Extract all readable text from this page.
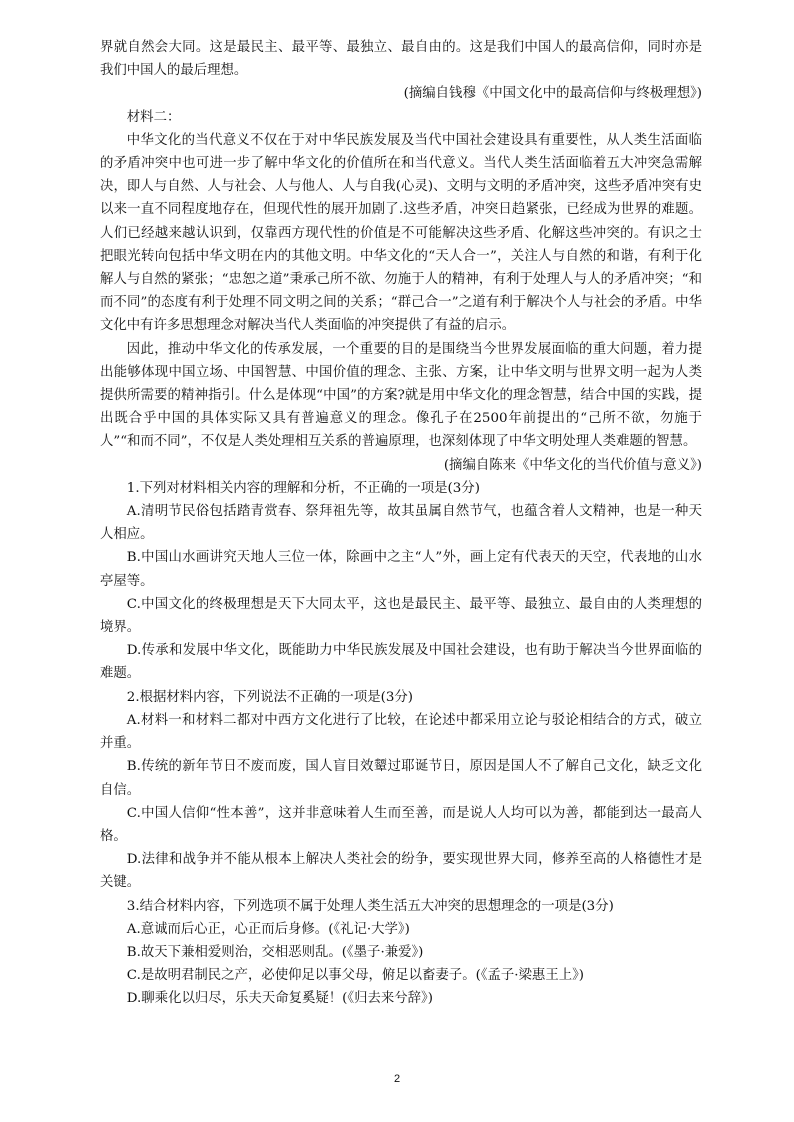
界就自然会大同。这是最民主、最平等、最独立、最自由的。这是我们中国人的最高信仰，同时亦是我们中国人的最后理想。

(摘编自钱穆《中国文化中的最高信仰与终极理想》)

材料二：

中华文化的当代意义不仅在于对中华民族发展及当代中国社会建设具有重要性，从人类生活面临的矛盾冲突中也可进一步了解中华文化的价值所在和当代意义。当代人类生活面临着五大冲突急需解决，即人与自然、人与社会、人与他人、人与自我(心灵)、文明与文明的矛盾冲突，这些矛盾冲突有史以来一直不同程度地存在，但现代性的展开加剧了.这些矛盾，冲突日趋紧张，已经成为世界的难题。人们已经越来越认识到，仅靠西方现代性的价值是不可能解决这些矛盾、化解这些冲突的。有识之士把眼光转向包括中华文明在内的其他文明。中华文化的“天人合一”，关注人与自然的和谐，有利于化解人与自然的紧张；“忠恕之道”秉承己所不欲、勿施于人的精神，有利于处理人与人的矛盾冲突；“和而不同”的态度有利于处理不同文明之间的关系；“群己合一”之道有利于解决个人与社会的矛盾。中华文化中有许多思想理念对解决当代人类面临的冲突提供了有益的启示。

因此，推动中华文化的传承发展，一个重要的目的是围绕当今世界发展面临的重大问题，着力提出能够体现中国立场、中国智慧、中国价值的理念、主张、方案，让中华文明与世界文明一起为人类提供所需要的精神指引。什么是体现“中国”的方案?就是用中华文化的理念智慧，结合中国的实践，提出既合乎中国的具体实际又具有普遍意义的理念。像孔子在2500年前提出的“己所不欲，勿施于人”“和而不同”，不仅是人类处理相互关系的普遍原理，也深刻体现了中华文明处理人类难题的智慧。

(摘编自陈来《中华文化的当代价值与意义》)

1.下列对材料相关内容的理解和分析，不正确的一项是(3分)

A.清明节民俗包括踏青赏春、祭拜祖先等，故其虽属自然节气，也蕴含着人文精神，也是一种天人相应。

B.中国山水画讲究天地人三位一体，除画中之主“人”外，画上定有代表天的天空，代表地的山水亭屋等。

C.中国文化的终极理想是天下大同太平，这也是最民主、最平等、最独立、最自由的人类理想的境界。

D.传承和发展中华文化，既能助力中华民族发展及中国社会建设，也有助于解决当今世界面临的难题。

2.根据材料内容，下列说法不正确的一项是(3分)

A.材料一和材料二都对中西方文化进行了比较，在论述中都采用立论与驳论相结合的方式，破立并重。

B.传统的新年节日不废而废，国人盲目效颦过耶诞节日，原因是国人不了解自己文化，缺乏文化自信。

C.中国人信仰“性本善”，这并非意味着人生而至善，而是说人人均可以为善，都能到达一最高人格。

D.法律和战争并不能从根本上解决人类社会的纷争，要实现世界大同，修养至高的人格德性才是关键。

3.结合材料内容，下列选项不属于处理人类生活五大冲突的思想理念的一项是(3分)

A.意诚而后心正，心正而后身修。(《礼记·大学》)

B.故天下兼相爱则治，交相恶则乱。(《墨子·兼爱》)

C.是故明君制民之产，必使仰足以事父母，俯足以畜妻子。(《孟子·梁惠王上》)

D.聊乘化以归尽，乐夫天命复奚疑！(《归去来兮辞》)

2
